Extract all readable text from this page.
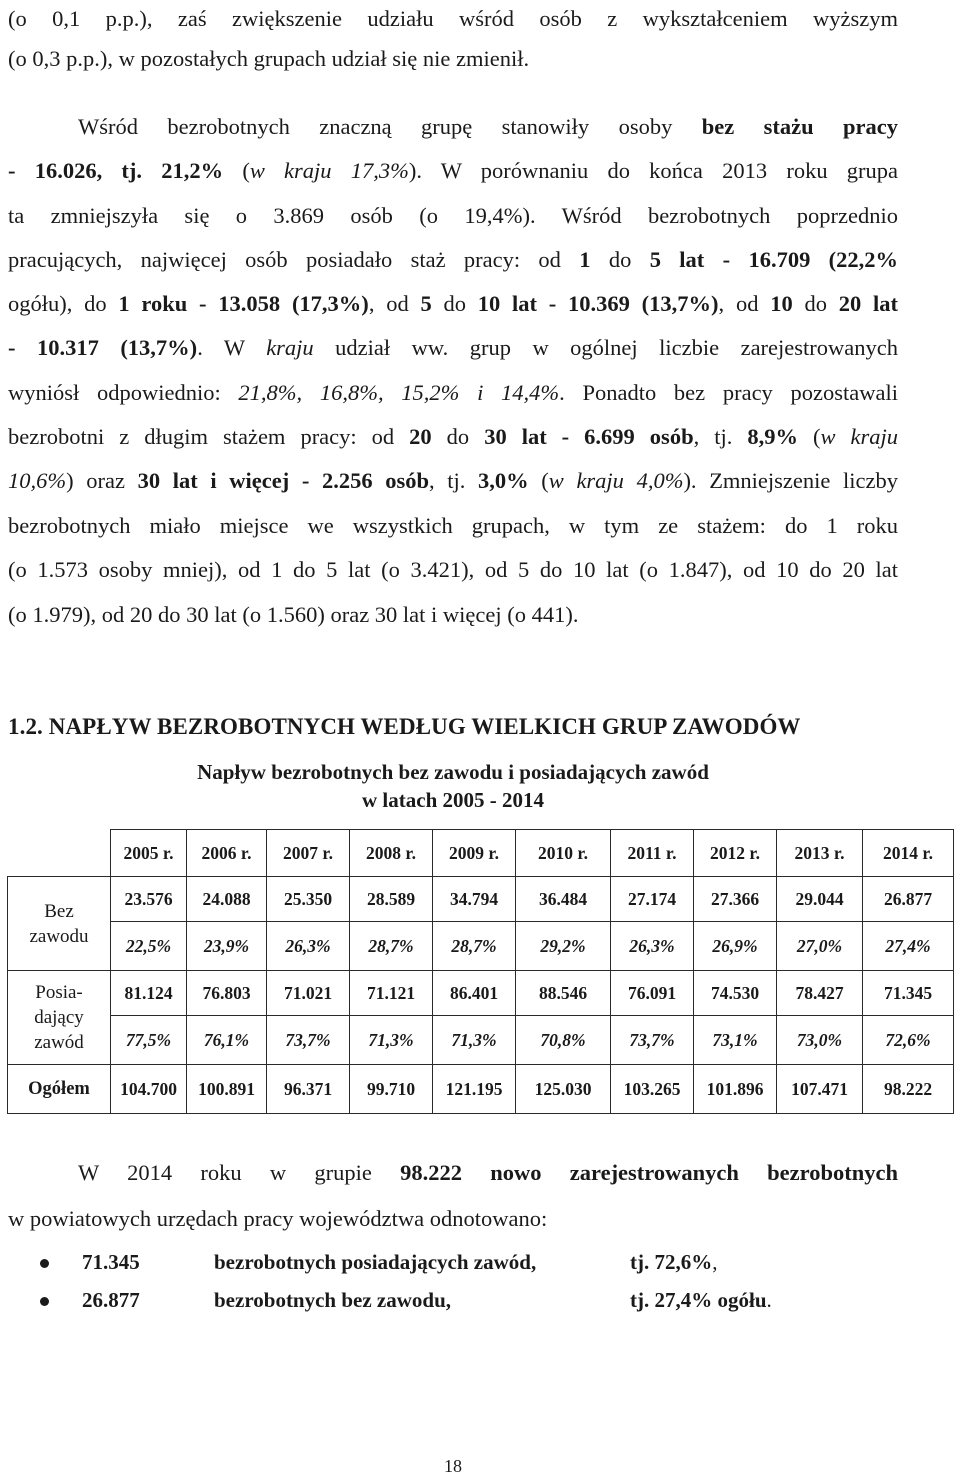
(o 0,1 p.p.), zaś zwiększenie udziału wśród osób z wykształceniem wyższym
(o 0,3 p.p.), w pozostałych grupach udział się nie zmienił.
Wśród bezrobotnych znaczną grupę stanowiły osoby bez stażu pracy
- 16.026, tj. 21,2% (w kraju 17,3%). W porównaniu do końca 2013 roku grupa
ta zmniejszyła się o 3.869 osób (o 19,4%). Wśród bezrobotnych poprzednio
pracujących, najwięcej osób posiadało staż pracy: od 1 do 5 lat - 16.709 (22,2%
ogółu), do 1 roku - 13.058 (17,3%), od 5 do 10 lat - 10.369 (13,7%), od 10 do 20 lat
- 10.317 (13,7%). W kraju udział ww. grup w ogólnej liczbie zarejestrowanych
wyniósł odpowiednio: 21,8%, 16,8%, 15,2% i 14,4%. Ponadto bez pracy pozostawali
bezrobotni z długim stażem pracy: od 20 do 30 lat - 6.699 osób, tj. 8,9% (w kraju
10,6%) oraz 30 lat i więcej - 2.256 osób, tj. 3,0% (w kraju 4,0%). Zmniejszenie liczby
bezrobotnych miało miejsce we wszystkich grupach, w tym ze stażem: do 1 roku
(o 1.573 osoby mniej), od 1 do 5 lat (o 3.421), od 5 do 10 lat (o 1.847), od 10 do 20 lat
(o 1.979), od 20 do 30 lat (o 1.560) oraz 30 lat i więcej (o 441).
1.2. NAPŁYW BEZROBOTNYCH WEDŁUG WIELKICH GRUP ZAWODÓW
Napływ bezrobotnych bez zawodu i posiadających zawód
w latach 2005 - 2014
	2005 r.	2006 r.	2007 r.	2008 r.	2009 r.	2010 r.	2011 r.	2012 r.	2013 r.	2014 r.
Bez zawodu	23.576	24.088	25.350	28.589	34.794	36.484	27.174	27.366	29.044	26.877
	22,5%	23,9%	26,3%	28,7%	28,7%	29,2%	26,3%	26,9%	27,0%	27,4%
Posia- dający zawód	81.124	76.803	71.021	71.121	86.401	88.546	76.091	74.530	78.427	71.345
	77,5%	76,1%	73,7%	71,3%	71,3%	70,8%	73,7%	73,1%	73,0%	72,6%
Ogółem	104.700	100.891	96.371	99.710	121.195	125.030	103.265	101.896	107.471	98.222
W 2014 roku w grupie 98.222 nowo zarejestrowanych bezrobotnych
w powiatowych urzędach pracy województwa odnotowano:
71.345	bezrobotnych posiadających zawód,	tj. 72,6%,
26.877	bezrobotnych bez zawodu,	tj. 27,4% ogółu.
18
